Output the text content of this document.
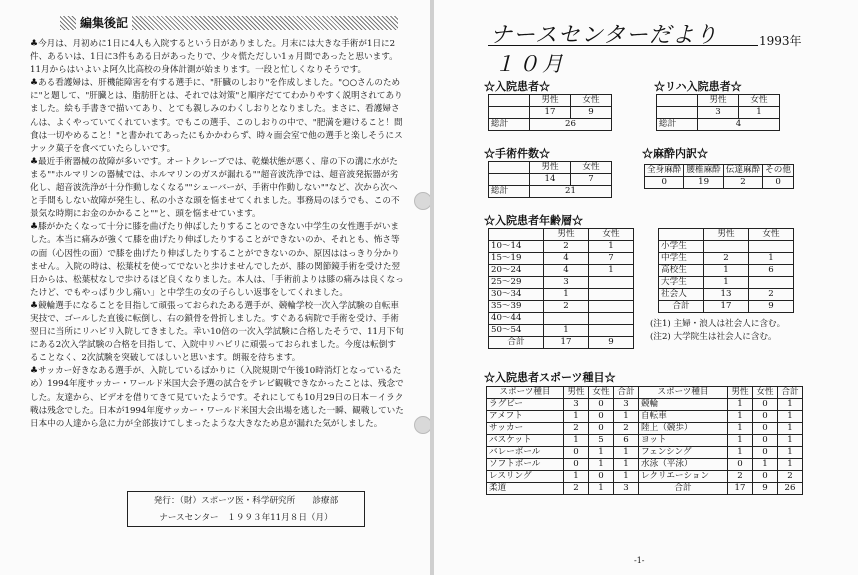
編集後記

♣今月は、月初めに1日に4人も入院するという日がありました。月末には大きな手術が1日に2件、あるいは、1日に3件もある日があったりで、少々慌ただしい1ヵ月間であったと思います。11月からはいよいよ阿久比高校の身体計測が始まります。一段と忙しくなりそうです。

♣ある看護婦は、肝機能障害を有する選手に、"肝臓のしおり"を作成しました。"○○さんのために"と題して、"肝臓とは、脂肪肝とは、それでは対策"と順序だててわかりやすく説明されてありました。絵も手書きで描いてあり、とても親しみのわくしおりとなりました。まさに、看護婦さんは、よくやっていてくれています。でもこの選手、このしおりの中で、"肥満を避けること！間食は一切やめること！"と書かれてあったにもかかわらず、時々面会室で他の選手と楽しそうにスナック菓子を食べていたらしいです。

♣最近手術器械の故障が多いです。オートクレーブでは、乾燥状態が悪く、扉の下の溝に水がたまる""ホルマリンの器械では、ホルマリンのガスが漏れる""超音波洗浄では、超音波発振器が劣化し、超音波洗浄が十分作動しなくなる""シェーバーが、手術中作動しない""など、次から次へと手間もしない故障が発生し、私の小さな頭を悩ませてくれました。事務局のほうでも、この不景気な時期にお金のかかること""と、頭を悩ませています。

♣膝がかたくなって十分に膝を曲げたり伸ばしたりすることのできない中学生の女性選手がいました。本当に痛みが強くて膝を曲げたり伸ばしたりすることができないのか、それとも、怖さ等の面（心因性の面）で膝を曲げたり伸ばしたりすることができないのか、原因ははっきり分かりません。入院の時は、松葉杖を使ってでないと歩けませんでしたが、膝の関節鏡手術を受けた翌日からは、松葉杖なしで歩けるほど良くなりました。本人は、「手術前よりは膝の痛みは良くなったけど、でもやっぱり少し痛い」と中学生の女の子らしい返事をしてくれました。

♣競輪選手になることを目指して頑張っておられたある選手が、競輪学校一次入学試験の自転車実技で、ゴールした直後に転倒し、右の鎖骨を骨折しました。すぐある病院で手術を受け、手術翌日に当所にリハビリ入院してきました。幸い10倍の一次入学試験に合格したそうで、11月下旬にある2次入学試験の合格を目指して、入院中リハビリに頑張っておられました。今度は転倒することなく、2次試験を突破してほしいと思います。朗報を待ちます。

♣サッカー好きなある選手が、入院しているばかりに（入院規則で午後10時消灯となっているため）1994年度サッカー・ワールド米国大会予選の試合をテレビ観戦できなかったことは、残念でした。友達から、ビデオを借りてきて見ていたようです。それにしても10月29日の日本－イラク戦は残念でした。日本が1994年度サッカー・ワールド米国大会出場を逃した一瞬、観戦していた日本中の人達から急に力が全部抜けてしまったような大きなため息が漏れた気がしました。

発行：（財）スポーツ医・科学研究所　　診療部
ナースセンター　１９９３年11月８日（月）
ナースセンターだより	1993年
１０月
☆入院患者☆
	男性	女性
	17	9
総計	26	
☆リハ入院患者☆
	男性	女性
	3	1
総計	4	
☆手術件数☆
	男性	女性
	14	7
総計	21	
☆麻酔内訳☆
全身麻酔	腰椎麻酔	伝達麻酔	その他
0	19	2	0
☆入院患者年齢層☆
	男性	女性
10～14	2	1
15～19	4	7
20～24	4	1
25～29	3	
30～34	1	
35～39	2	
40～44		
50～54	1	
合計	17	9
	男性	女性
小学生		
中学生	2	1
高校生	1	6
大学生	1	
社会人	13	2
合計	17	9
(注1) 主婦・浪人は社会人に含む。
(注2) 大学院生は社会人に含む。
☆入院患者スポーツ種目☆
スポーツ種目	男性	女性	合計	スポーツ種目	男性	女性	合計
ラグビー	3	0	3	競輪	1	0	1
アメフト	1	0	1	自転車	1	0	1
サッカー	2	0	2	陸上（競歩）	1	0	1
バスケット	1	5	6	ヨット	1	0	1
バレーボール	0	1	1	フェンシング	1	0	1
ソフトボール	0	1	1	水泳（平泳）	0	1	1
レスリング	1	0	1	レクリエーション	2	0	2
柔道	2	1	3	合計	17	9	26
-1-
